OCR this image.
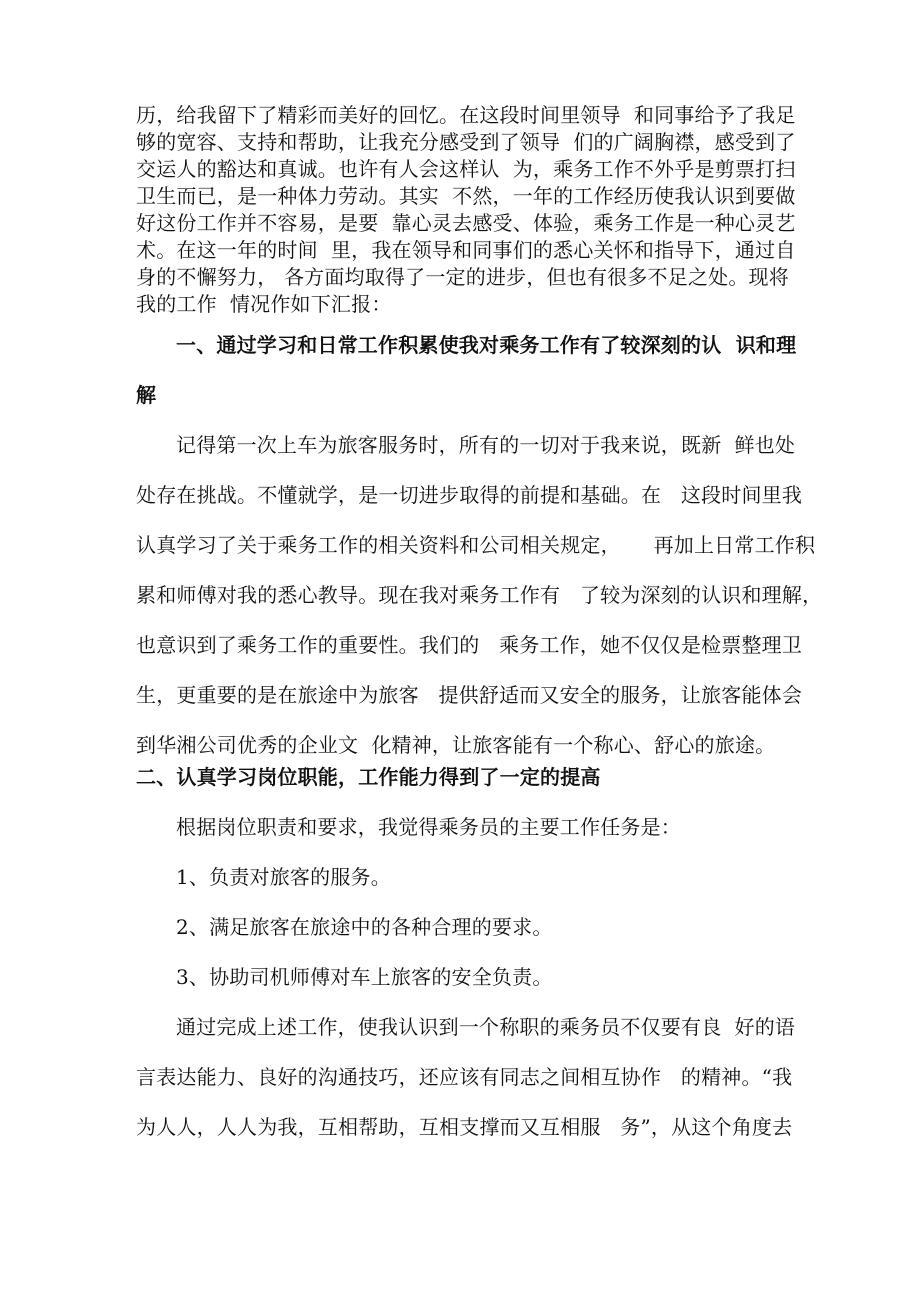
历，给我留下了精彩而美好的回忆。在这段时间里领导  和同事给予了我足
够的宽容、支持和帮助，让我充分感受到了领导  们的广阔胸襟，感受到了
交运人的豁达和真诚。也许有人会这样认  为，乘务工作不外乎是剪票打扫
卫生而已，是一种体力劳动。其实  不然，一年的工作经历使我认识到要做
好这份工作并不容易，是要  靠心灵去感受、体验，乘务工作是一种心灵艺
术。在这一年的时间  里，我在领导和同事们的悉心关怀和指导下，通过自
身的不懈努力， 各方面均取得了一定的进步，但也有很多不足之处。现将
我的工作  情况作如下汇报：
一、通过学习和日常工作积累使我对乘务工作有了较深刻的认  识和理
解
记得第一次上车为旅客服务时，所有的一切对于我来说，既新  鲜也处
处存在挑战。不懂就学，是一切进步取得的前提和基础。在   这段时间里我
认真学习了关于乘务工作的相关资料和公司相关规定，     再加上日常工作积
累和师傅对我的悉心教导。现在我对乘务工作有   了较为深刻的认识和理解，
也意识到了乘务工作的重要性。我们的   乘务工作，她不仅仅是检票整理卫
生，更重要的是在旅途中为旅客   提供舒适而又安全的服务，让旅客能体会
到华湘公司优秀的企业文  化精神，让旅客能有一个称心、舒心的旅途。
二、认真学习岗位职能，工作能力得到了一定的提高
根据岗位职责和要求，我觉得乘务员的主要工作任务是：
1、负责对旅客的服务。
2、满足旅客在旅途中的各种合理的要求。
3、协助司机师傅对车上旅客的安全负责。
通过完成上述工作，使我认识到一个称职的乘务员不仅要有良  好的语
言表达能力、良好的沟通技巧，还应该有同志之间相互协作   的精神。“我
为人人，人人为我，互相帮助，互相支撑而又互相服   务”，从这个角度去
